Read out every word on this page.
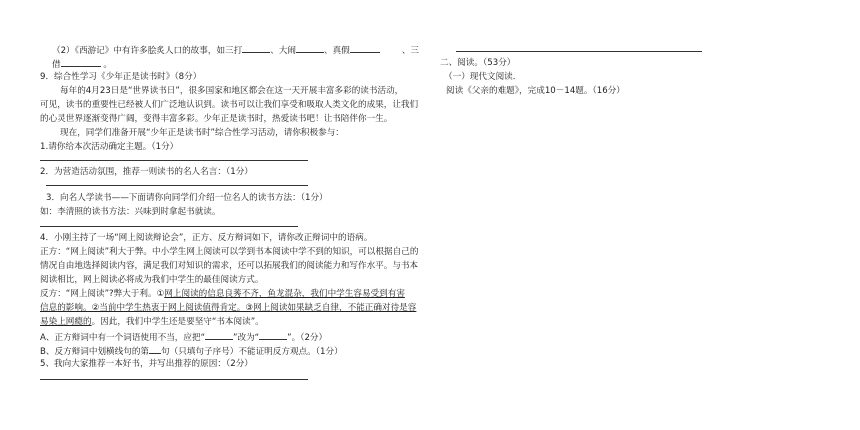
（2）《西游记》中有许多脍炙人口的故事，如三打	、大闹	、真假	、三
借	。
9．综合性学习《少年正是读书时》（8分）
每年的4月23日是“世界读书日”，很多国家和地区都会在这一天开展丰富多彩的读书活动，
可见，读书的重要性已经被人们广泛地认识到。读书可以让我们享受和吸取人类文化的成果，让我们
的心灵世界逐渐变得广阔，变得丰富多彩。少年正是读书时，热爱读书吧！让书陪伴你一生。
现在，同学们准备开展“少年正是读书时”综合性学习活动，请你积极参与：
1.请你给本次活动确定主题。（1分）
2．为营造活动氛围，推荐一则读书的名人名言：（1分）
3．向名人学读书——下面请你向同学们介绍一位名人的读书方法：（1分）
如：李清照的读书方法：兴味到时拿起书就读。
4．小刚主持了一场“网上阅读辩论会”，正方、反方辩词如下，请你改正辩词中的语病。
正方：“网上阅读”利大于弊。中小学生网上阅读可以学到书本阅读中学不到的知识，可以根据自己的
情况自由地选择阅读内容，满足我们对知识的需求，还可以拓展我们的阅读能力和写作水平。与书本
阅读相比，网上阅读必将成为我们中学生的最佳阅读方式。
反方：“网上阅读”?弊大于利。①网上阅读的信息良莠不齐，鱼龙混杂，我们中学生容易受到有害
信息的影响。②当前中学生热衷于网上阅读值得肯定。③网上阅读如果缺乏自律，不能正确对待是容
易染上网瘾的。因此，我们中学生还是要坚守“书本阅读”。
A、正方辩词中有一个词语使用不当，应把“	”改为“	”。（2分）
B、反方辩词中划横线句的第 句（只填句子序号）不能证明反方观点。（1分）
5、我向大家推荐一本好书，并写出推荐的原因：（2分）
二、阅读。（53分）
（一）现代文阅读．
阅读《父亲的难题》，完成10－14题。（16分）
